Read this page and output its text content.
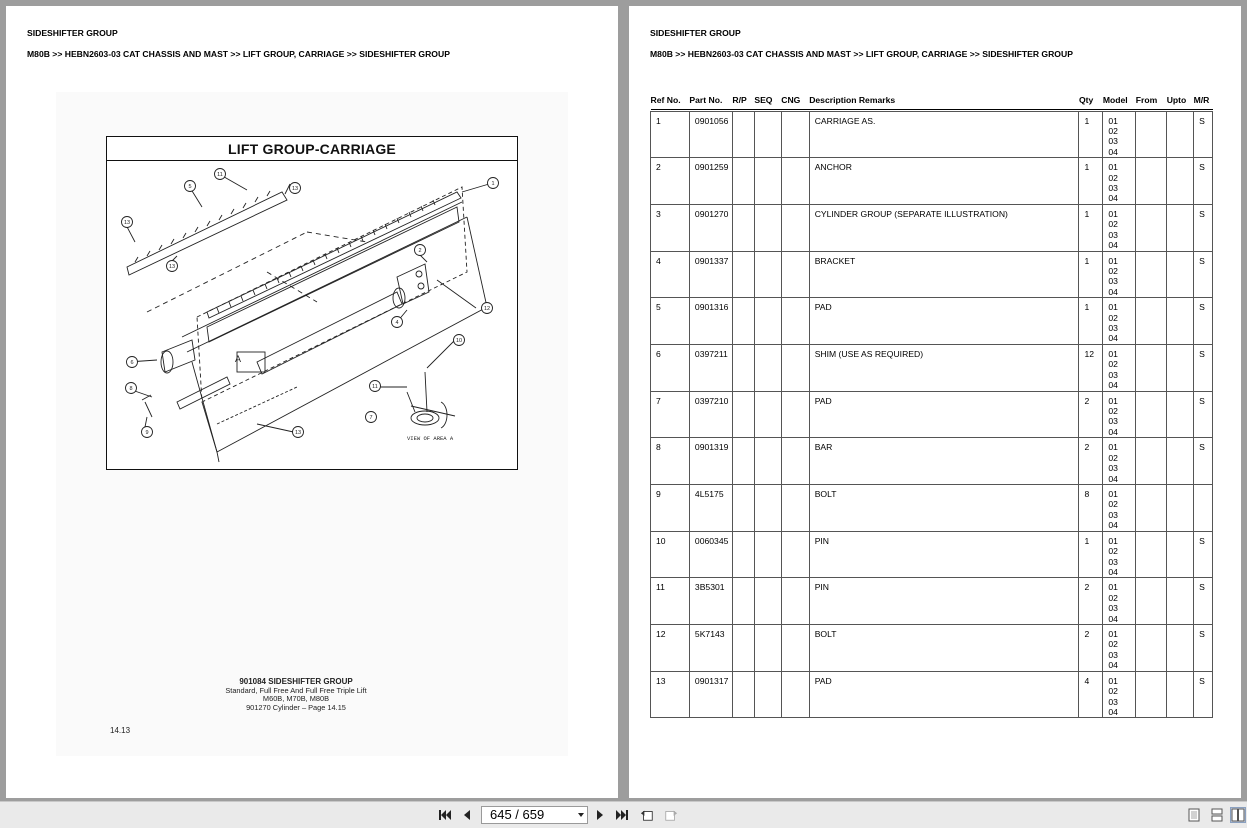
SIDESHIFTER GROUP
M80B >> HEBN2603-03 CAT CHASSIS AND MAST >> LIFT GROUP, CARRIAGE >> SIDESHIFTER GROUP
LIFT GROUP-CARRIAGE
1
2
4
5
6
7
8
9
10
11
12
13
13
13
11
13
A
VIEW OF AREA A
901084 SIDESHIFTER GROUP
Standard, Full Free And Full Free Triple Lift
M60B, M70B, M80B
901270 Cylinder – Page 14.15
14.13
SIDESHIFTER GROUP
M80B >> HEBN2603-03 CAT CHASSIS AND MAST >> LIFT GROUP, CARRIAGE >> SIDESHIFTER GROUP
Ref No.	Part No.	R/P	SEQ	CNG	Description Remarks	Qty	Model	From	Upto	M/R

1	0901056				CARRIAGE AS.	1	01
02
03
04			S
2	0901259				ANCHOR	1	01
02
03
04			S
3	0901270				CYLINDER GROUP (SEPARATE ILLUSTRATION)	1	01
02
03
04			S
4	0901337				BRACKET	1	01
02
03
04			S
5	0901316				PAD	1	01
02
03
04			S
6	0397211				SHIM (USE AS REQUIRED)	12	01
02
03
04			S
7	0397210				PAD	2	01
02
03
04			S
8	0901319				BAR	2	01
02
03
04			S
9	4L5175				BOLT	8	01
02
03
04			

10	0060345				PIN	1	01
02
03
04			S
11	3B5301				PIN	2	01
02
03
04			S
12	5K7143				BOLT	2	01
02
03
04			S
13	0901317				PAD	4	01
02
03
04			S
645 / 659
